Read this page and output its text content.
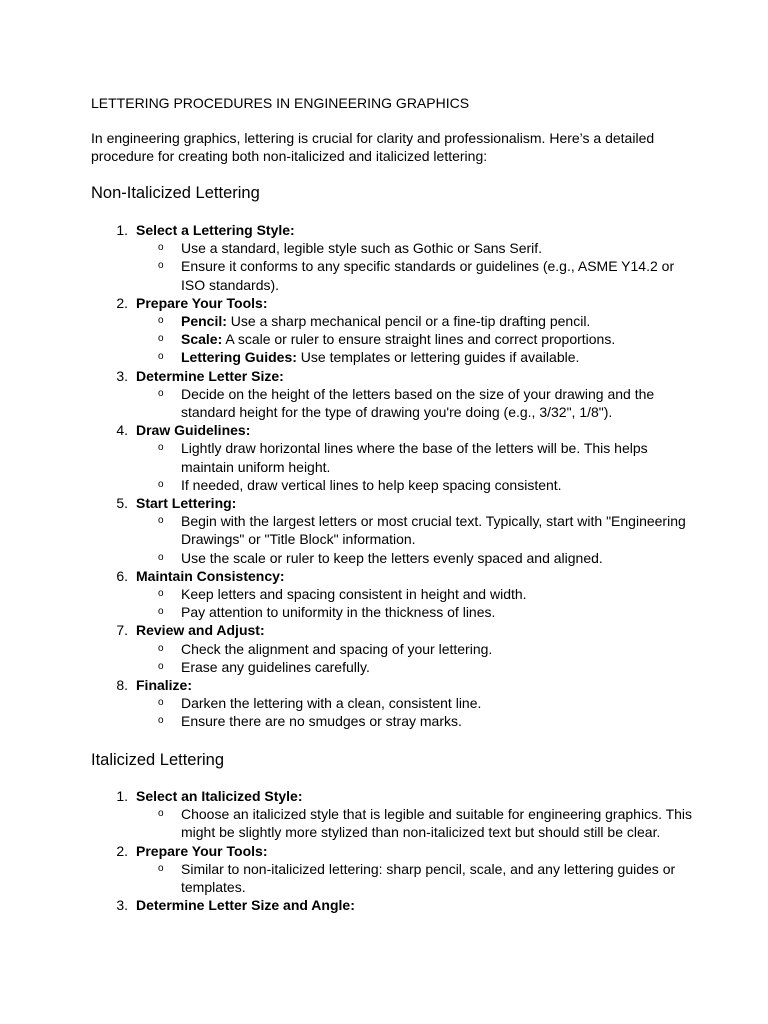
LETTERING PROCEDURES IN ENGINEERING GRAPHICS
In engineering graphics, lettering is crucial for clarity and professionalism. Here’s a detailed procedure for creating both non-italicized and italicized lettering:
Non-Italicized Lettering
1. Select a Lettering Style:
o Use a standard, legible style such as Gothic or Sans Serif.
o Ensure it conforms to any specific standards or guidelines (e.g., ASME Y14.2 or ISO standards).
2. Prepare Your Tools:
o Pencil: Use a sharp mechanical pencil or a fine-tip drafting pencil.
o Scale: A scale or ruler to ensure straight lines and correct proportions.
o Lettering Guides: Use templates or lettering guides if available.
3. Determine Letter Size:
o Decide on the height of the letters based on the size of your drawing and the standard height for the type of drawing you're doing (e.g., 3/32", 1/8").
4. Draw Guidelines:
o Lightly draw horizontal lines where the base of the letters will be. This helps maintain uniform height.
o If needed, draw vertical lines to help keep spacing consistent.
5. Start Lettering:
o Begin with the largest letters or most crucial text. Typically, start with "Engineering Drawings" or "Title Block" information.
o Use the scale or ruler to keep the letters evenly spaced and aligned.
6. Maintain Consistency:
o Keep letters and spacing consistent in height and width.
o Pay attention to uniformity in the thickness of lines.
7. Review and Adjust:
o Check the alignment and spacing of your lettering.
o Erase any guidelines carefully.
8. Finalize:
o Darken the lettering with a clean, consistent line.
o Ensure there are no smudges or stray marks.
Italicized Lettering
1. Select an Italicized Style:
o Choose an italicized style that is legible and suitable for engineering graphics. This might be slightly more stylized than non-italicized text but should still be clear.
2. Prepare Your Tools:
o Similar to non-italicized lettering: sharp pencil, scale, and any lettering guides or templates.
3. Determine Letter Size and Angle:
